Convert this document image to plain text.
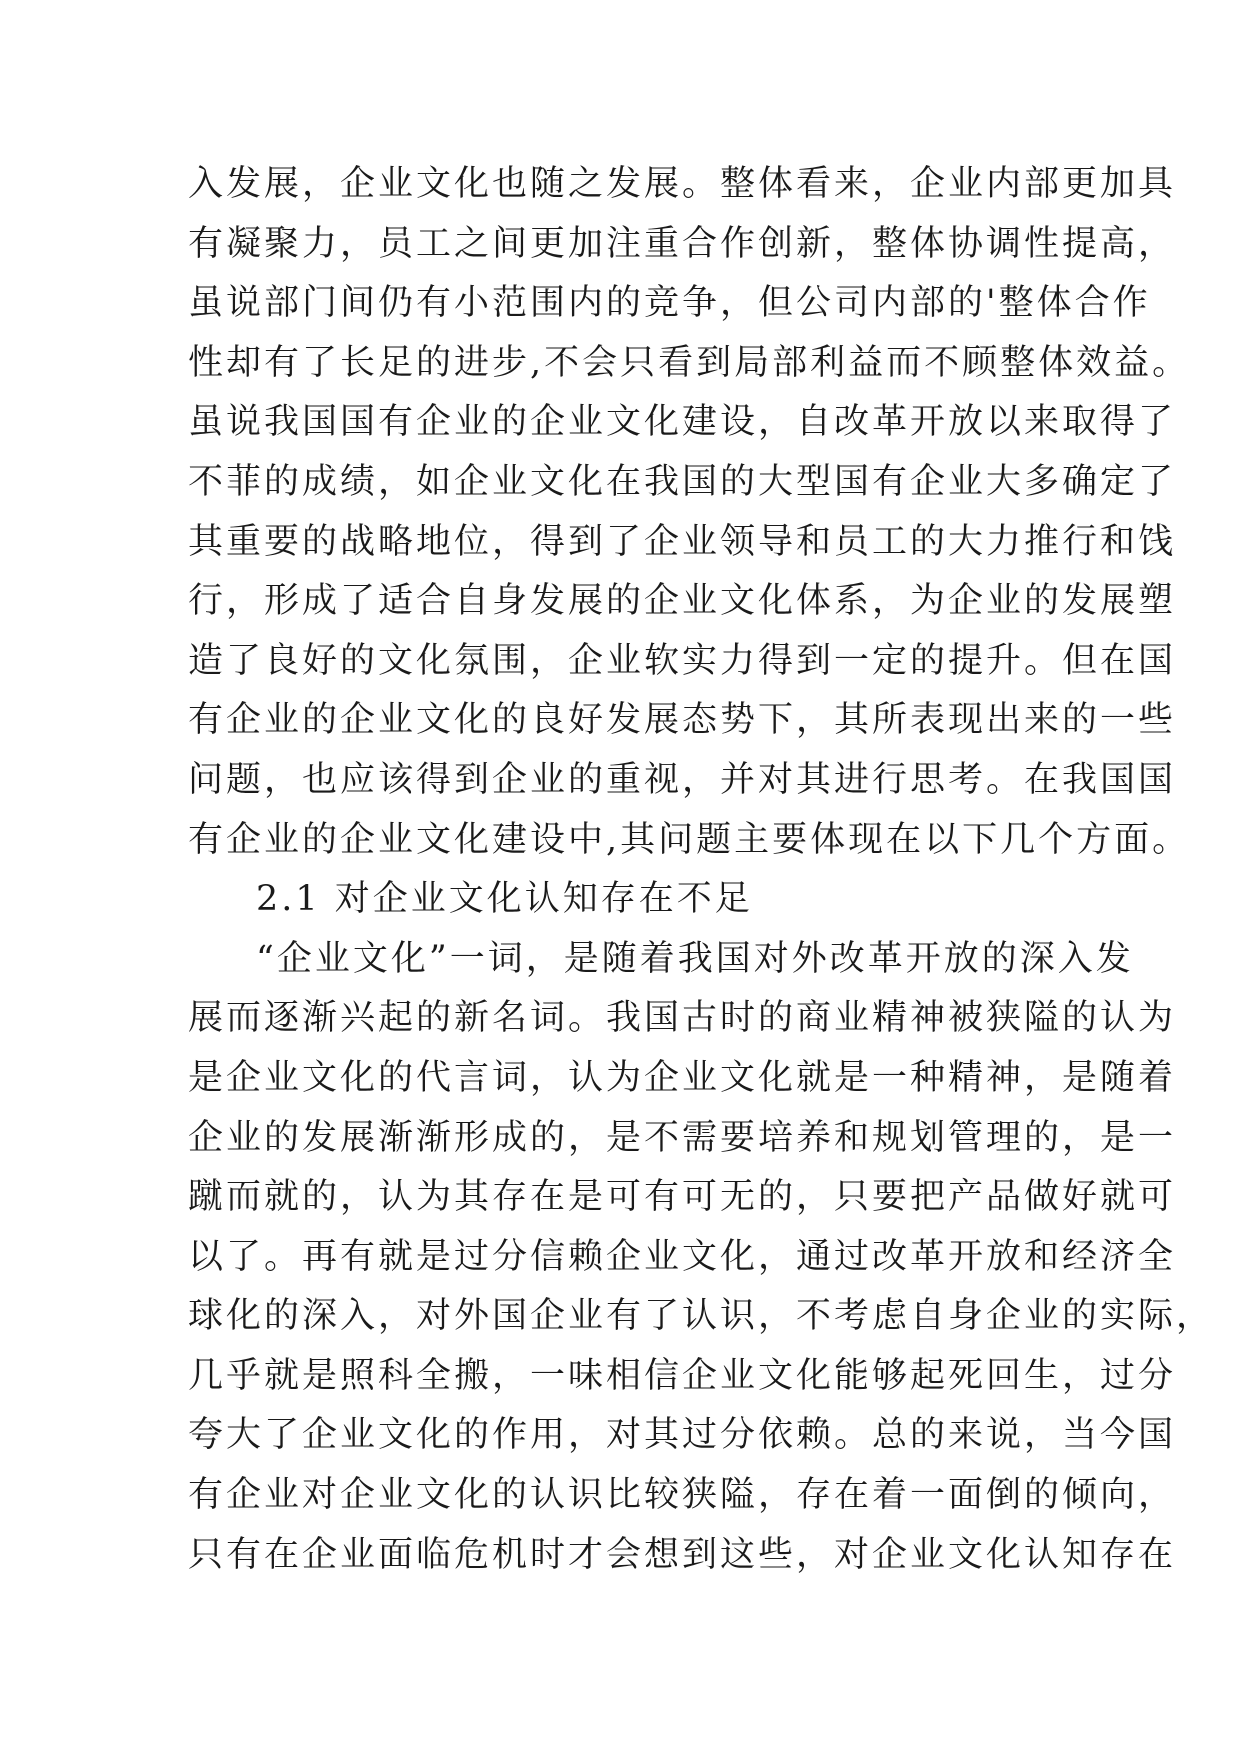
入发展，企业文化也随之发展。整体看来，企业内部更加具
有凝聚力，员工之间更加注重合作创新，整体协调性提高，
虽说部门间仍有小范围内的竞争，但公司内部的'整体合作
性却有了长足的进步,不会只看到局部利益而不顾整体效益。
虽说我国国有企业的企业文化建设，自改革开放以来取得了
不菲的成绩，如企业文化在我国的大型国有企业大多确定了
其重要的战略地位，得到了企业领导和员工的大力推行和饯
行，形成了适合自身发展的企业文化体系，为企业的发展塑
造了良好的文化氛围，企业软实力得到一定的提升。但在国
有企业的企业文化的良好发展态势下，其所表现出来的一些
问题，也应该得到企业的重视，并对其进行思考。在我国国
有企业的企业文化建设中,其问题主要体现在以下几个方面。
2.1 对企业文化认知存在不足
“企业文化”一词，是随着我国对外改革开放的深入发
展而逐渐兴起的新名词。我国古时的商业精神被狭隘的认为
是企业文化的代言词，认为企业文化就是一种精神，是随着
企业的发展渐渐形成的，是不需要培养和规划管理的，是一
蹴而就的，认为其存在是可有可无的，只要把产品做好就可
以了。再有就是过分信赖企业文化，通过改革开放和经济全
球化的深入，对外国企业有了认识，不考虑自身企业的实际，
几乎就是照科全搬，一味相信企业文化能够起死回生，过分
夸大了企业文化的作用，对其过分依赖。总的来说，当今国
有企业对企业文化的认识比较狭隘，存在着一面倒的倾向，
只有在企业面临危机时才会想到这些，对企业文化认知存在
